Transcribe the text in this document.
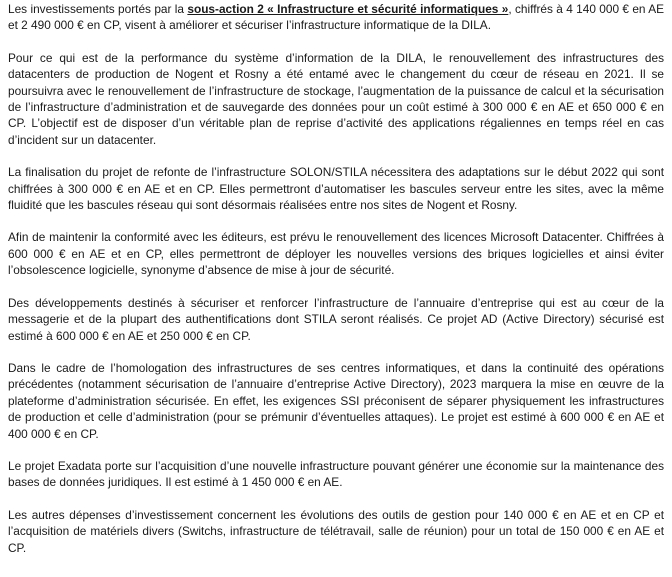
Les investissements portés par la sous-action 2 « Infrastructure et sécurité informatiques », chiffrés à 4 140 000 € en AE et 2 490 000 € en CP, visent à améliorer et sécuriser l’infrastructure informatique de la DILA.

Pour ce qui est de la performance du système d’information de la DILA, le renouvellement des infrastructures des datacenters de production de Nogent et Rosny a été entamé avec le changement du cœur de réseau en 2021. Il se poursuivra avec le renouvellement de l’infrastructure de stockage, l’augmentation de la puissance de calcul et la sécurisation de l’infrastructure d’administration et de sauvegarde des données pour un coût estimé à 300 000 € en AE et 650 000 € en CP. L’objectif est de disposer d’un véritable plan de reprise d’activité des applications régaliennes en temps réel en cas d’incident sur un datacenter.

La finalisation du projet de refonte de l’infrastructure SOLON/STILA nécessitera des adaptations sur le début 2022 qui sont chiffrées à 300 000 € en AE et en CP. Elles permettront d’automatiser les bascules serveur entre les sites, avec la même fluidité que les bascules réseau qui sont désormais réalisées entre nos sites de Nogent et Rosny.

Afin de maintenir la conformité avec les éditeurs, est prévu le renouvellement des licences Microsoft Datacenter. Chiffrées à 600 000 € en AE et en CP, elles permettront de déployer les nouvelles versions des briques logicielles et ainsi éviter l’obsolescence logicielle, synonyme d’absence de mise à jour de sécurité.

Des développements destinés à sécuriser et renforcer l’infrastructure de l’annuaire d’entreprise qui est au cœur de la messagerie et de la plupart des authentifications dont STILA seront réalisés. Ce projet AD (Active Directory) sécurisé est estimé à 600 000 € en AE et 250 000 € en CP.

Dans le cadre de l’homologation des infrastructures de ses centres informatiques, et dans la continuité des opérations précédentes (notamment sécurisation de l’annuaire d’entreprise Active Directory), 2023 marquera la mise en œuvre de la plateforme d’administration sécurisée. En effet, les exigences SSI préconisent de séparer physiquement les infrastructures de production et celle d’administration (pour se prémunir d’éventuelles attaques). Le projet est estimé à 600 000 € en AE et 400 000 € en CP.

Le projet Exadata porte sur l’acquisition d’une nouvelle infrastructure pouvant générer une économie sur la maintenance des bases de données juridiques. Il est estimé à 1 450 000 € en AE.

Les autres dépenses d’investissement concernent les évolutions des outils de gestion pour 140 000 € en AE et en CP et l’acquisition de matériels divers (Switchs, infrastructure de télétravail, salle de réunion) pour un total de 150 000 € en AE et CP.
